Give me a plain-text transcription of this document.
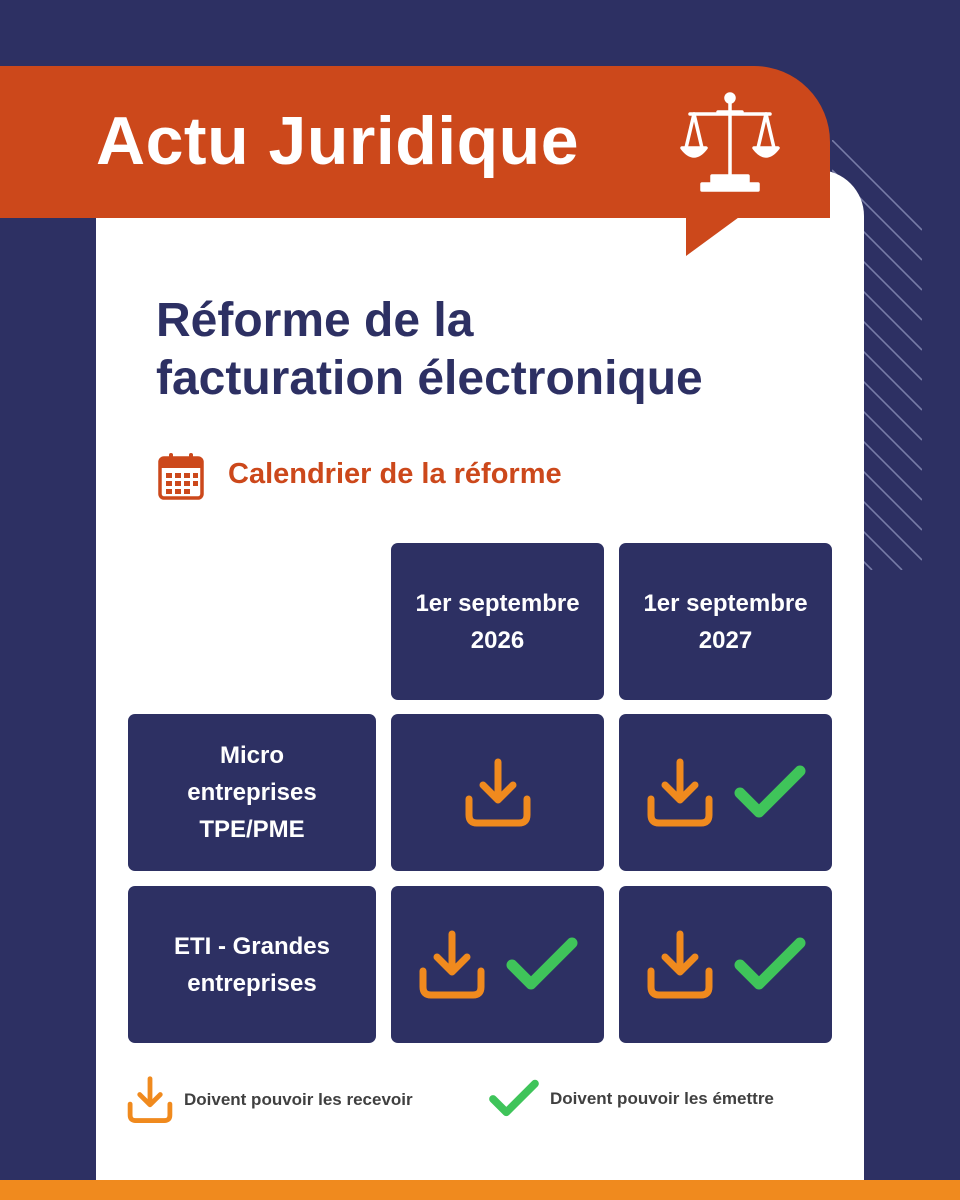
Actu Juridique
Réforme de la
facturation électronique
Calendrier de la réforme
1er septembre
2026
1er septembre
2027
Micro
entreprises
TPE/PME
ETI - Grandes
entreprises
Doivent pouvoir les recevoir	Doivent pouvoir les émettre
